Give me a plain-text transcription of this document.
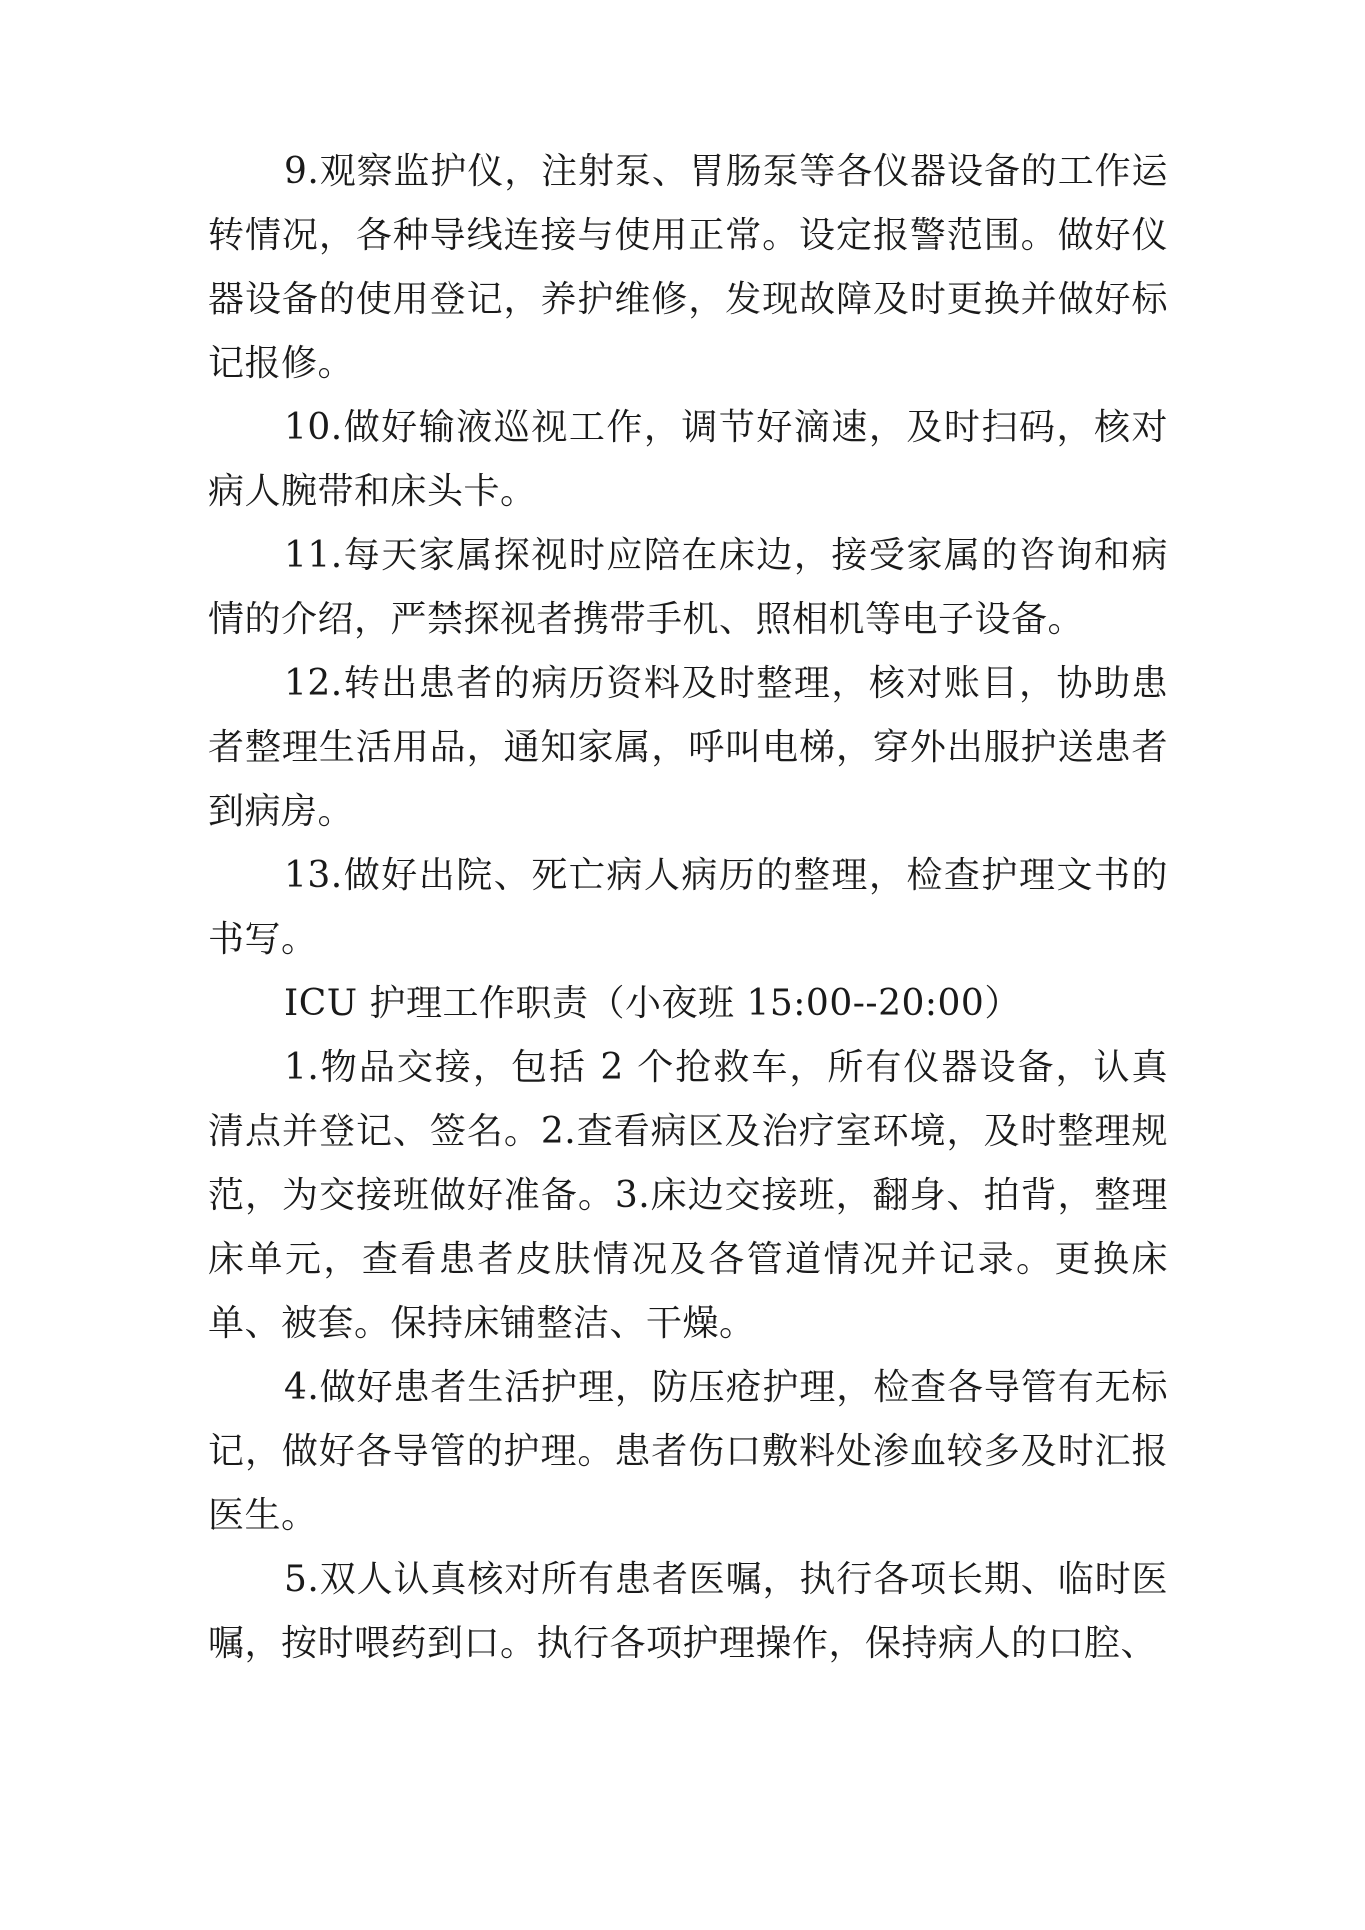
9.观察监护仪，注射泵、胃肠泵等各仪器设备的工作运转情况，各种导线连接与使用正常。设定报警范围。做好仪器设备的使用登记，养护维修，发现故障及时更换并做好标记报修。

10.做好输液巡视工作，调节好滴速，及时扫码，核对病人腕带和床头卡。

11.每天家属探视时应陪在床边，接受家属的咨询和病情的介绍，严禁探视者携带手机、照相机等电子设备。

12.转出患者的病历资料及时整理，核对账目，协助患者整理生活用品，通知家属，呼叫电梯，穿外出服护送患者到病房。

13.做好出院、死亡病人病历的整理，检查护理文书的书写。

ICU 护理工作职责（小夜班 15:00--20:00）

1.物品交接，包括 2 个抢救车，所有仪器设备，认真清点并登记、签名。2.查看病区及治疗室环境，及时整理规范，为交接班做好准备。3.床边交接班，翻身、拍背，整理床单元，查看患者皮肤情况及各管道情况并记录。更换床单、被套。保持床铺整洁、干燥。

4.做好患者生活护理，防压疮护理，检查各导管有无标记，做好各导管的护理。患者伤口敷料处渗血较多及时汇报医生。

5.双人认真核对所有患者医嘱，执行各项长期、临时医嘱，按时喂药到口。执行各项护理操作，保持病人的口腔、
